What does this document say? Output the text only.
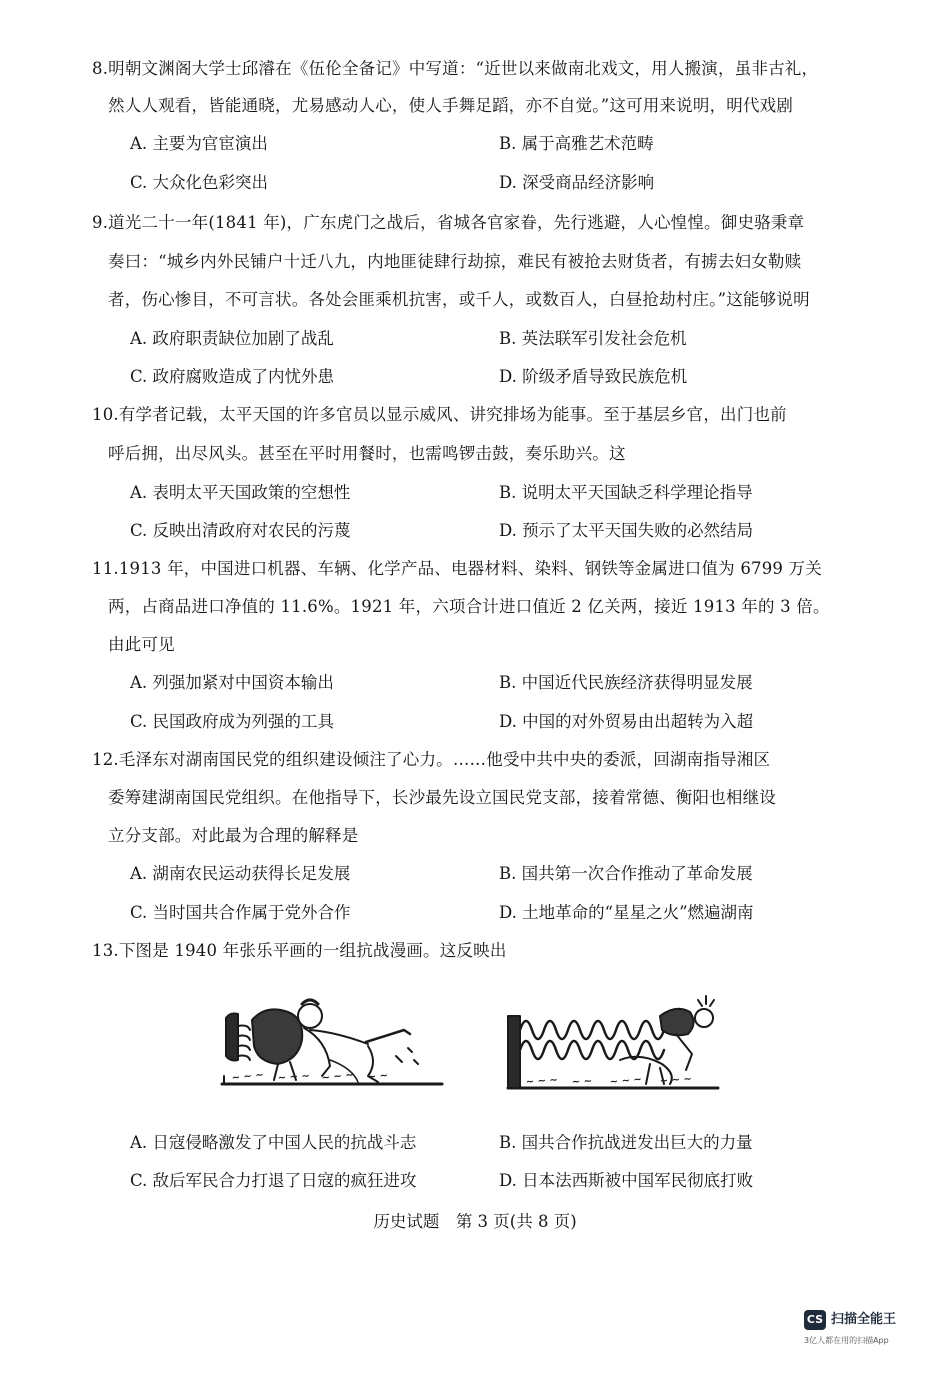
8.明朝文渊阁大学士邱濬在《伍伦全备记》中写道：“近世以来做南北戏文，用人搬演，虽非古礼，
然人人观看，皆能通晓，尤易感动人心，使人手舞足蹈，亦不自觉。”这可用来说明，明代戏剧
A. 主要为官宦演出	B. 属于高雅艺术范畴
C. 大众化色彩突出	D. 深受商品经济影响
9.道光二十一年(1841 年)，广东虎门之战后，省城各官家眷，先行逃避，人心惶惶。御史骆秉章
奏曰：“城乡内外民铺户十迁八九，内地匪徒肆行劫掠，难民有被抢去财货者，有掳去妇女勒赎
者，伤心惨目，不可言状。各处会匪乘机抗害，或千人，或数百人，白昼抢劫村庄。”这能够说明
A. 政府职责缺位加剧了战乱	B. 英法联军引发社会危机
C. 政府腐败造成了内忧外患	D. 阶级矛盾导致民族危机
10.有学者记载，太平天国的许多官员以显示威风、讲究排场为能事。至于基层乡官，出门也前
呼后拥，出尽风头。甚至在平时用餐时，也需鸣锣击鼓，奏乐助兴。这
A. 表明太平天国政策的空想性	B. 说明太平天国缺乏科学理论指导
C. 反映出清政府对农民的污蔑	D. 预示了太平天国失败的必然结局
11.1913 年，中国进口机器、车辆、化学产品、电器材料、染料、钢铁等金属进口值为 6799 万关
两，占商品进口净值的 11.6%。1921 年，六项合计进口值近 2 亿关两，接近 1913 年的 3 倍。
由此可见
A. 列强加紧对中国资本输出	B. 中国近代民族经济获得明显发展
C. 民国政府成为列强的工具	D. 中国的对外贸易由出超转为入超
12.毛泽东对湖南国民党的组织建设倾注了心力。……他受中共中央的委派，回湖南指导湘区
委筹建湖南国民党组织。在他指导下，长沙最先设立国民党支部，接着常德、衡阳也相继设
立分支部。对此最为合理的解释是
A. 湖南农民运动获得长足发展	B. 国共第一次合作推动了革命发展
C. 当时国共合作属于党外合作	D. 土地革命的“星星之火”燃遍湖南
13.下图是 1940 年张乐平画的一组抗战漫画。这反映出
~ ~ ~ ~ ~ ~ ~ ~ ~ ~ ~	~ ~ ~ ~ ~ ~ ~ ~ ~ ~ ~
A. 日寇侵略激发了中国人民的抗战斗志	B. 国共合作抗战迸发出巨大的力量
C. 敌后军民合力打退了日寇的疯狂进攻	D. 日本法西斯被中国军民彻底打败
历史试题　第 3 页(共 8 页)
CS 扫描全能王
3亿人都在用的扫描App
